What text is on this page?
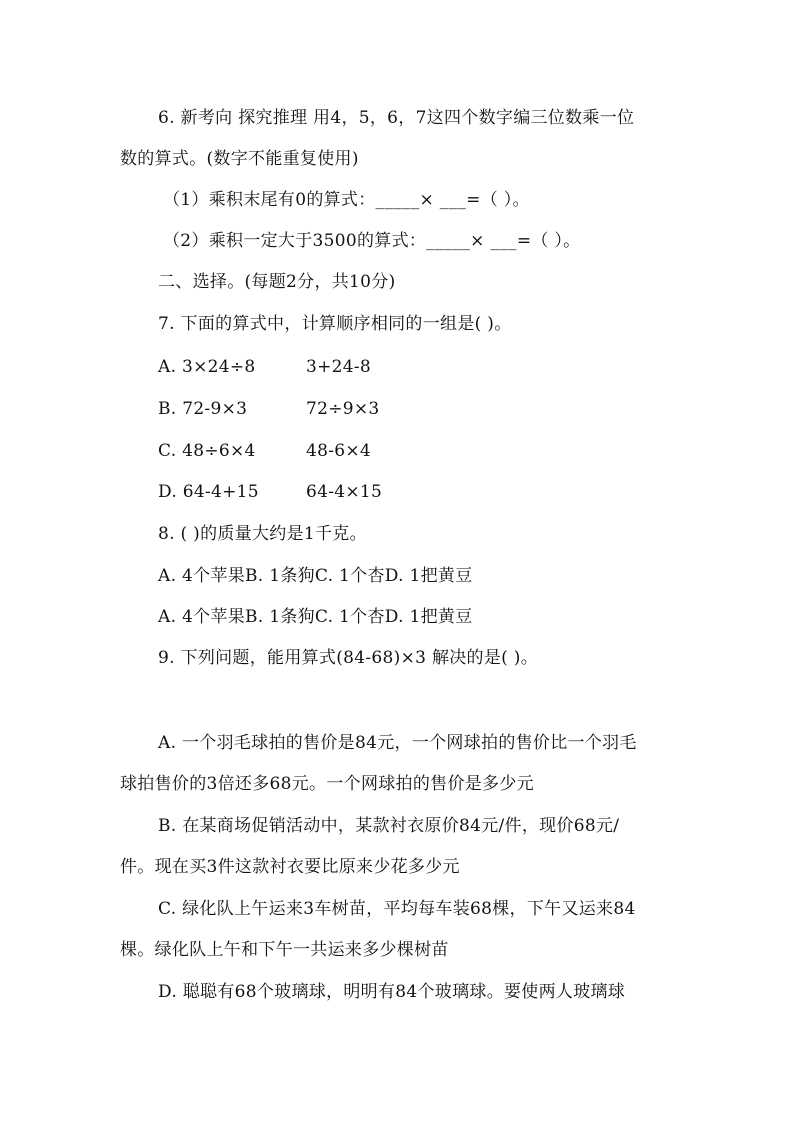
6. 新考向 探究推理 用4，5，6，7这四个数字编三位数乘一位
数的算式。(数字不能重复使用)
（1）乘积末尾有0的算式：_____× ___=（ ）。
（2）乘积一定大于3500的算式：_____× ___=（ ）。
二、选择。(每题2分，共10分)
7. 下面的算式中，计算顺序相同的一组是( )。
A. 3×24÷8	3+24-8
B. 72-9×3	72÷9×3
C. 48÷6×4	48-6×4
D. 64-4+15	64-4×15
8. ( )的质量大约是1千克。
A. 4个苹果B. 1条狗C. 1个杏D. 1把黄豆
A. 4个苹果B. 1条狗C. 1个杏D. 1把黄豆
9. 下列问题，能用算式(84-68)×3 解决的是( )。
A. 一个羽毛球拍的售价是84元，一个网球拍的售价比一个羽毛
球拍售价的3倍还多68元。一个网球拍的售价是多少元
B. 在某商场促销活动中，某款衬衣原价84元/件，现价68元/
件。现在买3件这款衬衣要比原来少花多少元
C. 绿化队上午运来3车树苗，平均每车装68棵，下午又运来84
棵。绿化队上午和下午一共运来多少棵树苗
D. 聪聪有68个玻璃球，明明有84个玻璃球。要使两人玻璃球
